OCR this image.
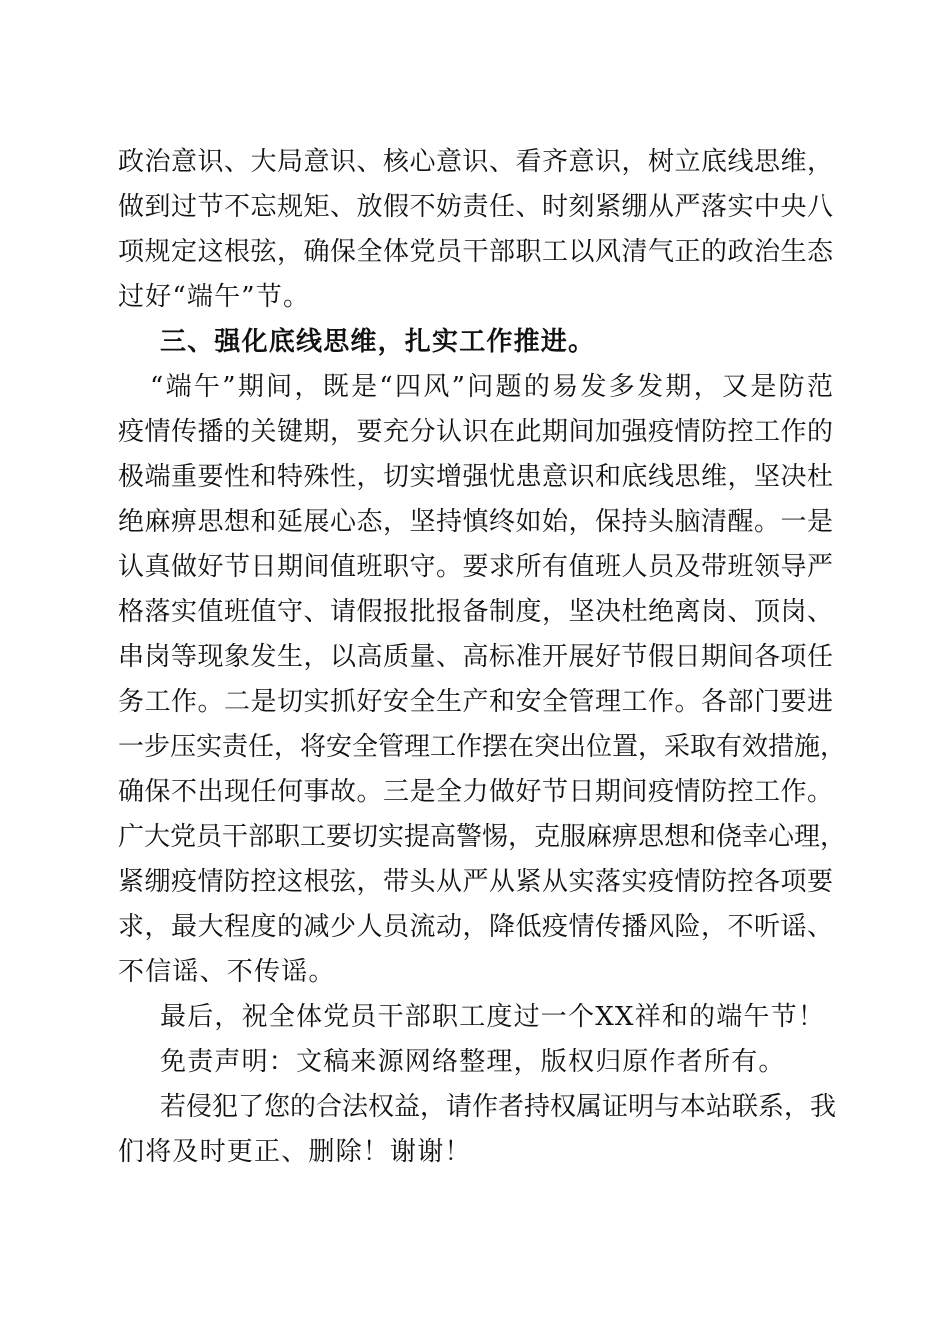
政治意识、大局意识、核心意识、看齐意识，树立底线思维，
做到过节不忘规矩、放假不妨责任、时刻紧绷从严落实中央八
项规定这根弦，确保全体党员干部职工以风清气正的政治生态
过好“端午”节。
三、强化底线思维，扎实工作推进。
“端午”期间，既是“四风”问题的易发多发期，又是防范
疫情传播的关键期，要充分认识在此期间加强疫情防控工作的
极端重要性和特殊性，切实增强忧患意识和底线思维，坚决杜
绝麻痹思想和延展心态，坚持慎终如始，保持头脑清醒。一是
认真做好节日期间值班职守。要求所有值班人员及带班领导严
格落实值班值守、请假报批报备制度，坚决杜绝离岗、顶岗、
串岗等现象发生，以高质量、高标准开展好节假日期间各项任
务工作。二是切实抓好安全生产和安全管理工作。各部门要进
一步压实责任，将安全管理工作摆在突出位置，采取有效措施，
确保不出现任何事故。三是全力做好节日期间疫情防控工作。
广大党员干部职工要切实提高警惕，克服麻痹思想和侥幸心理，
紧绷疫情防控这根弦，带头从严从紧从实落实疫情防控各项要
求，最大程度的减少人员流动，降低疫情传播风险，不听谣、
不信谣、不传谣。
最后，祝全体党员干部职工度过一个XX祥和的端午节！
免责声明：文稿来源网络整理，版权归原作者所有。
若侵犯了您的合法权益，请作者持权属证明与本站联系，我
们将及时更正、删除！谢谢！
